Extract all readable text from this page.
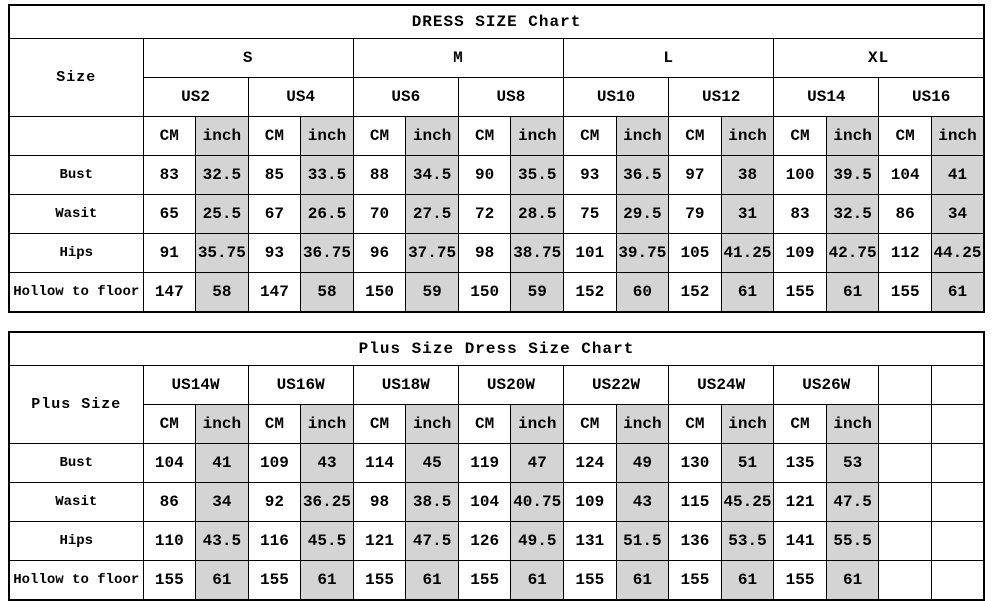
DRESS SIZE Chart																
Size	S				M				L				XL			
	US2		US4		US6		US8		US10		US12		US14		US16	
	CM	inch	CM	inch	CM	inch	CM	inch	CM	inch	CM	inch	CM	inch	CM	inch
Bust	83	32.5	85	33.5	88	34.5	90	35.5	93	36.5	97	38	100	39.5	104	41
Wasit	65	25.5	67	26.5	70	27.5	72	28.5	75	29.5	79	31	83	32.5	86	34
Hips	91	35.75	93	36.75	96	37.75	98	38.75	101	39.75	105	41.25	109	42.75	112	44.25
Hollow to floor	147	58	147	58	150	59	150	59	152	60	152	61	155	61	155	61
Plus Size Dress Size Chart																
Plus Size	US14W		US16W		US18W		US20W		US22W		US24W		US26W			
	CM	inch	CM	inch	CM	inch	CM	inch	CM	inch	CM	inch	CM	inch		
Bust	104	41	109	43	114	45	119	47	124	49	130	51	135	53		
Wasit	86	34	92	36.25	98	38.5	104	40.75	109	43	115	45.25	121	47.5		
Hips	110	43.5	116	45.5	121	47.5	126	49.5	131	51.5	136	53.5	141	55.5		
Hollow to floor	155	61	155	61	155	61	155	61	155	61	155	61	155	61		
